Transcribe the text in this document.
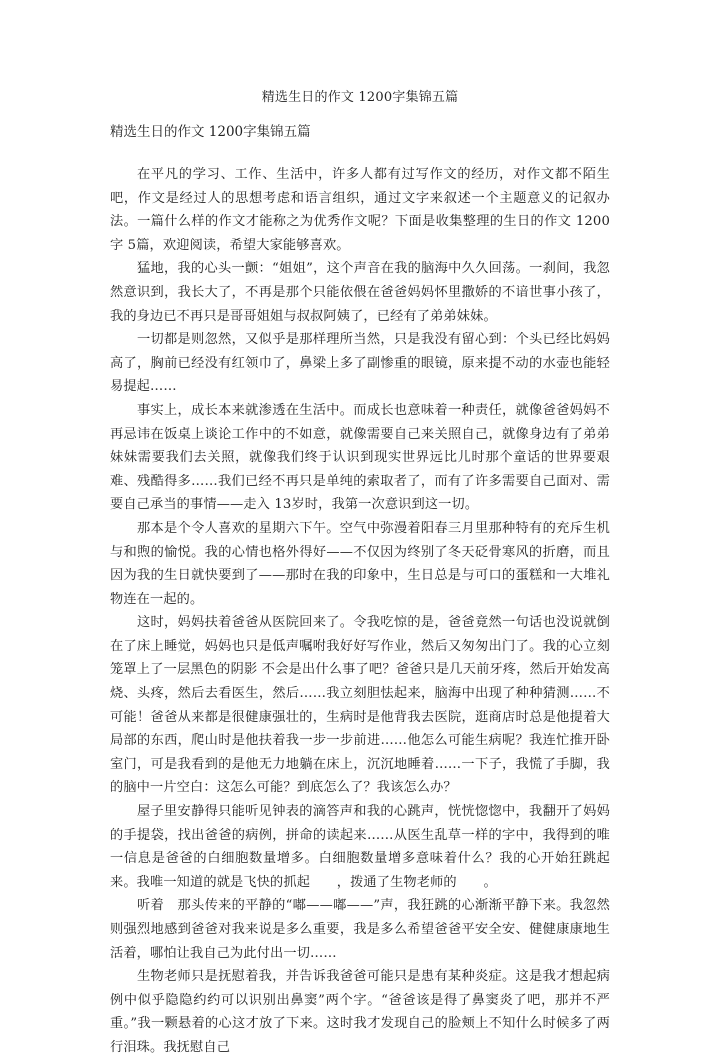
精选生日的作文 1200字集锦五篇
精选生日的作文 1200字集锦五篇

在平凡的学习、工作、生活中，许多人都有过写作文的经历，对作文都不陌生吧，作文是经过人的思想考虑和语言组织，通过文字来叙述一个主题意义的记叙办法。一篇什么样的作文才能称之为优秀作文呢？下面是收集整理的生日的作文 1200字 5篇，欢迎阅读，希望大家能够喜欢。

猛地，我的心头一颤：“姐姐”，这个声音在我的脑海中久久回荡。一刹间，我忽然意识到，我长大了，不再是那个只能依偎在爸爸妈妈怀里撒娇的不谙世事小孩了，我的身边已不再只是哥哥姐姐与叔叔阿姨了，已经有了弟弟妹妹。

一切都是则忽然，又似乎是那样理所当然，只是我没有留心到：个头已经比妈妈高了，胸前已经没有红领巾了，鼻梁上多了副惨重的眼镜，原来提不动的水壶也能轻易提起……

事实上，成长本来就渗透在生活中。而成长也意味着一种责任，就像爸爸妈妈不再忌讳在饭桌上谈论工作中的不如意，就像需要自己来关照自己，就像身边有了弟弟妹妹需要我们去关照，就像我们终于认识到现实世界远比儿时那个童话的世界要艰难、残酷得多……我们已经不再只是单纯的索取者了，而有了许多需要自己面对、需要自己承当的事情——走入 13岁时，我第一次意识到这一切。

那本是个令人喜欢的星期六下午。空气中弥漫着阳春三月里那种特有的充斥生机与和煦的愉悦。我的心情也格外得好——不仅因为终别了冬天砭骨寒风的折磨，而且因为我的生日就快要到了——那时在我的印象中，生日总是与可口的蛋糕和一大堆礼物连在一起的。

这时，妈妈扶着爸爸从医院回来了。令我吃惊的是，爸爸竟然一句话也没说就倒在了床上睡觉，妈妈也只是低声嘱咐我好好写作业，然后又匆匆出门了。我的心立刻笼罩上了一层黑色的阴影 不会是出什么事了吧？爸爸只是几天前牙疼，然后开始发高烧、头疼，然后去看医生，然后……我立刻胆怯起来，脑海中出现了种种猜测……不可能！爸爸从来都是很健康强壮的，生病时是他背我去医院，逛商店时总是他提着大局部的东西，爬山时是他扶着我一步一步前进……他怎么可能生病呢？我连忙推开卧室门，可是我看到的是他无力地躺在床上，沉沉地睡着……一下子，我慌了手脚，我的脑中一片空白：这怎么可能？到底怎么了？我该怎么办？

屋子里安静得只能听见钟表的滴答声和我的心跳声，恍恍惚惚中，我翻开了妈妈的手提袋，找出爸爸的病例，拼命的读起来……从医生乱草一样的字中，我得到的唯一信息是爸爸的白细胞数量增多。白细胞数量增多意味着什么？我的心开始狂跳起来。我唯一知道的就是飞快的抓起　　，拨通了生物老师的　　。

听着　那头传来的平静的“嘟——嘟——”声，我狂跳的心渐渐平静下来。我忽然则强烈地感到爸爸对我来说是多么重要，我是多么希望爸爸平安全安、健健康康地生活着，哪怕让我自己为此付出一切……

生物老师只是抚慰着我，并告诉我爸爸可能只是患有某种炎症。这是我才想起病例中似乎隐隐约约可以识别出鼻窦”两个字。“爸爸该是得了鼻窦炎了吧，那并不严重。”我一颗悬着的心这才放了下来。这时我才发现自己的脸颊上不知什么时候多了两行泪珠。我抚慰自己
